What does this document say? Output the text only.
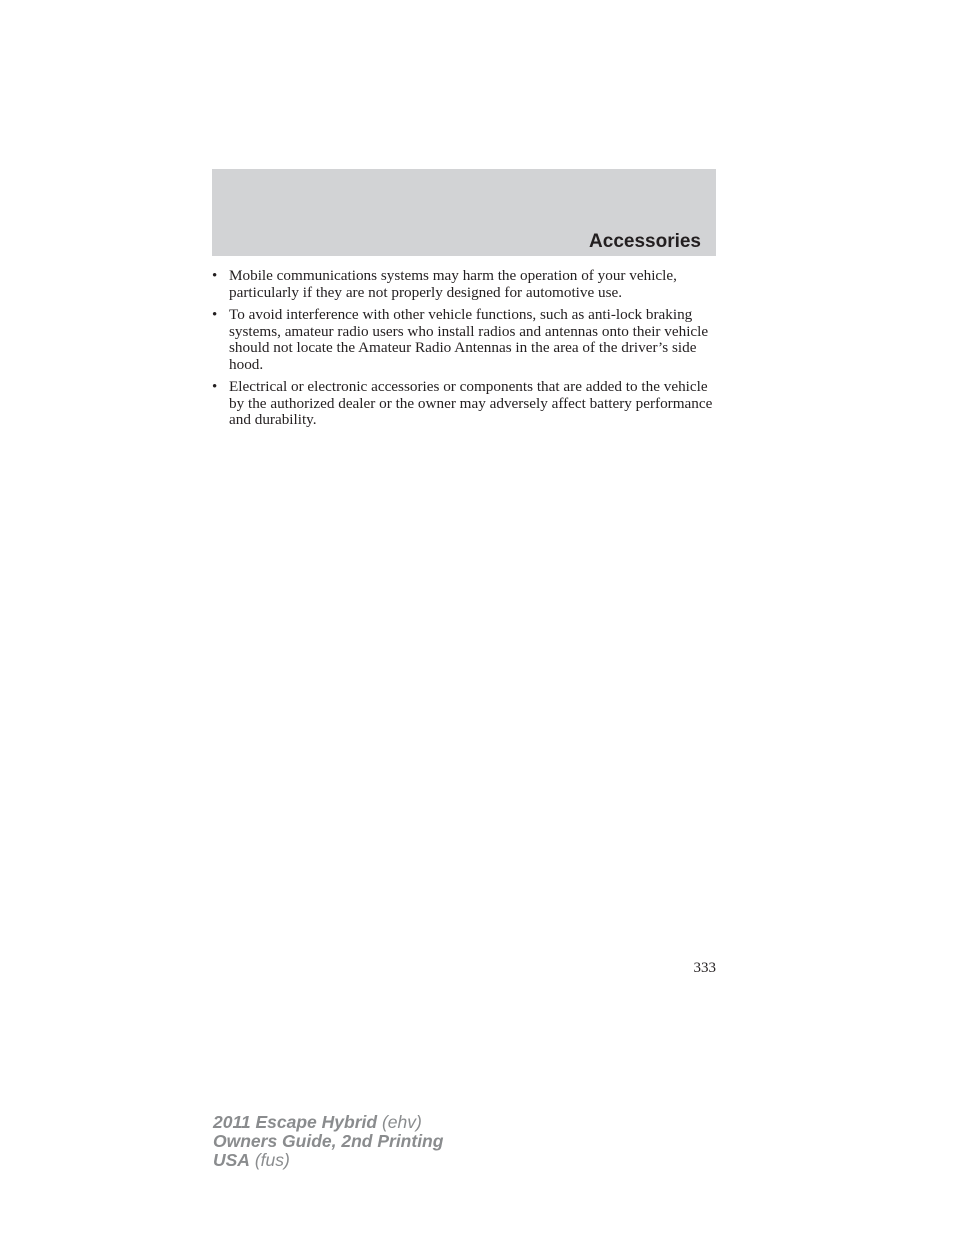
Accessories
• Mobile communications systems may harm the operation of your vehicle, particularly if they are not properly designed for automotive use.
• To avoid interference with other vehicle functions, such as anti-lock braking systems, amateur radio users who install radios and antennas onto their vehicle should not locate the Amateur Radio Antennas in the area of the driver’s side hood.
• Electrical or electronic accessories or components that are added to the vehicle by the authorized dealer or the owner may adversely affect battery performance and durability.
333
2011 Escape Hybrid (ehv)
Owners Guide, 2nd Printing
USA (fus)
